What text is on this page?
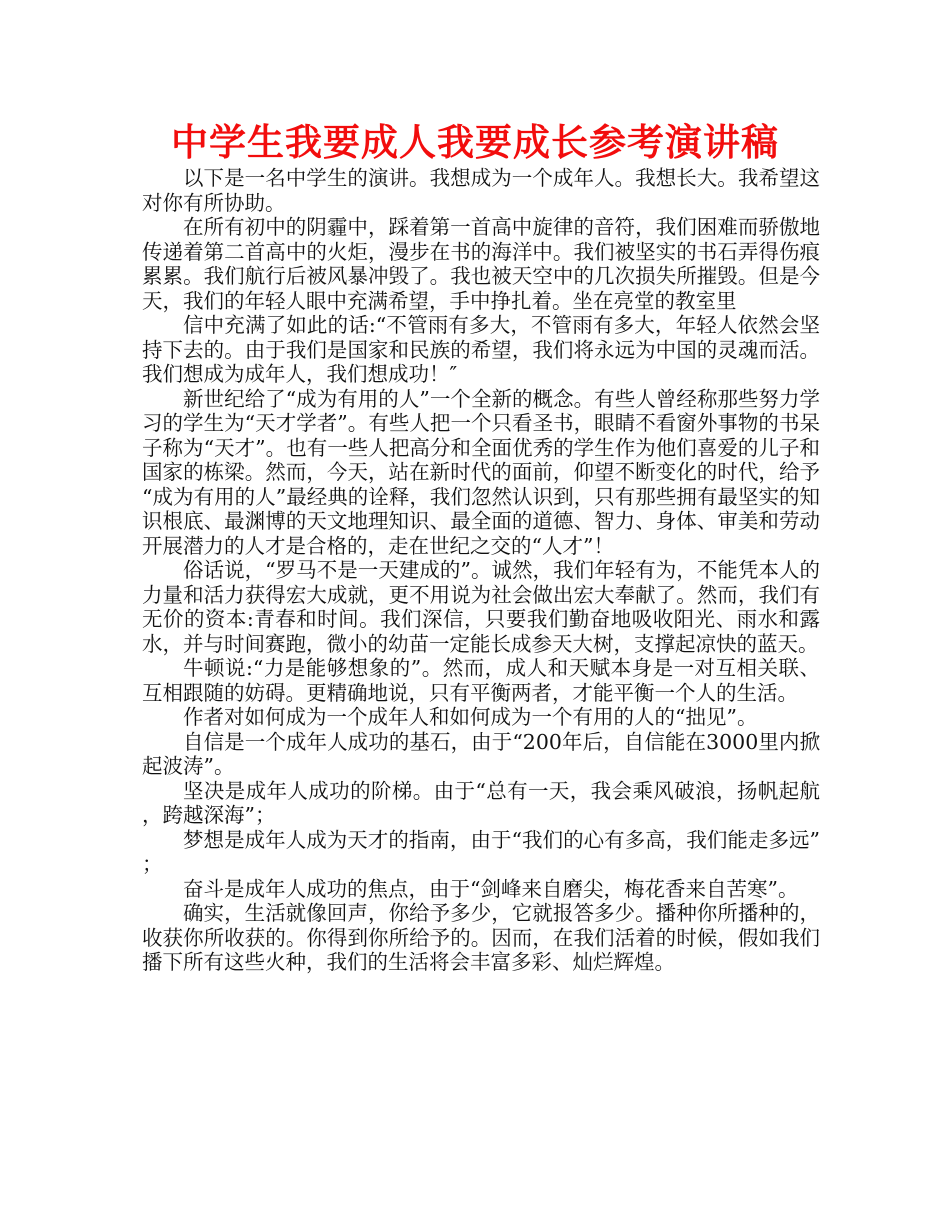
中学生我要成人我要成长参考演讲稿

以下是一名中学生的演讲。我想成为一个成年人。我想长大。我希望这对你有所协助。

在所有初中的阴霾中，踩着第一首高中旋律的音符，我们困难而骄傲地传递着第二首高中的火炬，漫步在书的海洋中。我们被坚实的书石弄得伤痕累累。我们航行后被风暴冲毁了。我也被天空中的几次损失所摧毁。但是今天，我们的年轻人眼中充满希望，手中挣扎着。坐在亮堂的教室里

信中充满了如此的话:“不管雨有多大，不管雨有多大，年轻人依然会坚持下去的。由于我们是国家和民族的希望，我们将永远为中国的灵魂而活。我们想成为成年人，我们想成功！″

新世纪给了“成为有用的人”一个全新的概念。有些人曾经称那些努力学习的学生为“天才学者”。有些人把一个只看圣书，眼睛不看窗外事物的书呆子称为“天才”。也有一些人把高分和全面优秀的学生作为他们喜爱的儿子和国家的栋梁。然而，今天，站在新时代的面前，仰望不断变化的时代，给予“成为有用的人”最经典的诠释，我们忽然认识到，只有那些拥有最坚实的知识根底、最渊博的天文地理知识、最全面的道德、智力、身体、审美和劳动开展潜力的人才是合格的，走在世纪之交的“人才”！

俗话说，“罗马不是一天建成的”。诚然，我们年轻有为，不能凭本人的力量和活力获得宏大成就，更不用说为社会做出宏大奉献了。然而，我们有无价的资本:青春和时间。我们深信，只要我们勤奋地吸收阳光、雨水和露水，并与时间赛跑，微小的幼苗一定能长成参天大树，支撑起凉快的蓝天。

牛顿说:“力是能够想象的”。然而，成人和天赋本身是一对互相关联、互相跟随的妨碍。更精确地说，只有平衡两者，才能平衡一个人的生活。

作者对如何成为一个成年人和如何成为一个有用的人的“拙见”。

自信是一个成年人成功的基石，由于“200年后，自信能在3000里内掀起波涛”。

坚决是成年人成功的阶梯。由于“总有一天，我会乘风破浪，扬帆起航，跨越深海”；

梦想是成年人成为天才的指南，由于“我们的心有多高，我们能走多远”；

奋斗是成年人成功的焦点，由于“剑峰来自磨尖，梅花香来自苦寒”。

确实，生活就像回声，你给予多少，它就报答多少。播种你所播种的，收获你所收获的。你得到你所给予的。因而，在我们活着的时候，假如我们播下所有这些火种，我们的生活将会丰富多彩、灿烂辉煌。
